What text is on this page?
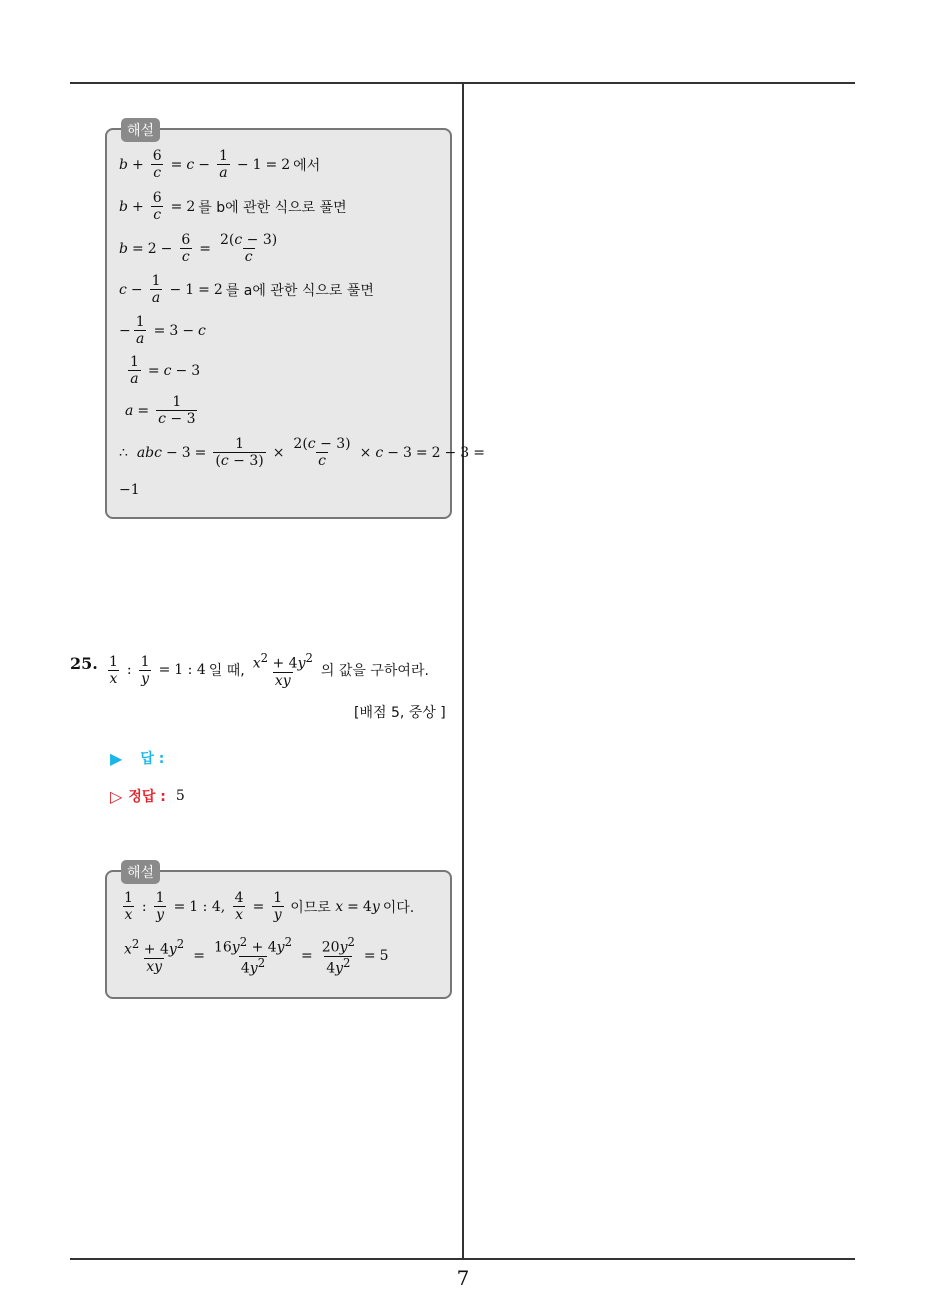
해설
$b + \frac{6}{c} = c - \frac{1}{a} - 1 = 2$ 에서
$b + \frac{6}{c} = 2$ 를 b에 관한 식으로 풀면
$b = 2 - \frac{6}{c} = \frac{2(c - 3)}{c}$
$c - \frac{1}{a} - 1 = 2$ 를 a에 관한 식으로 풀면
− $\frac{1}{a} = 3 - c$
$\frac{1}{a} = c - 3$
$a = \frac{1}{c - 3}$
∴
abc − $3 = \frac{1}{(c - 3)} \times \frac{2(c - 3)}{c} \times c - 3 = 2 - 3$ =
−1
25. $\frac{1}{x}$ : $\frac{1}{y} = 1$ : 4 일 때, $\frac{x^2 + 4y^2}{xy}$ 의 값을 구하여라.
[배점 5, 중상 ]
▶ 답 :
▷ 정답 : 5
해설
$\frac{1}{x}$ : $\frac{1}{y} = 1$ : 4, $\frac{4}{x} = \frac{1}{y}$ 이므로
x = 4 y 이다.
$\frac{x^2 + 4y^2}{xy} = \frac{16y^2 + 4y^2}{4y^2} = \frac{20y^2}{4y^2} = 5$
7
